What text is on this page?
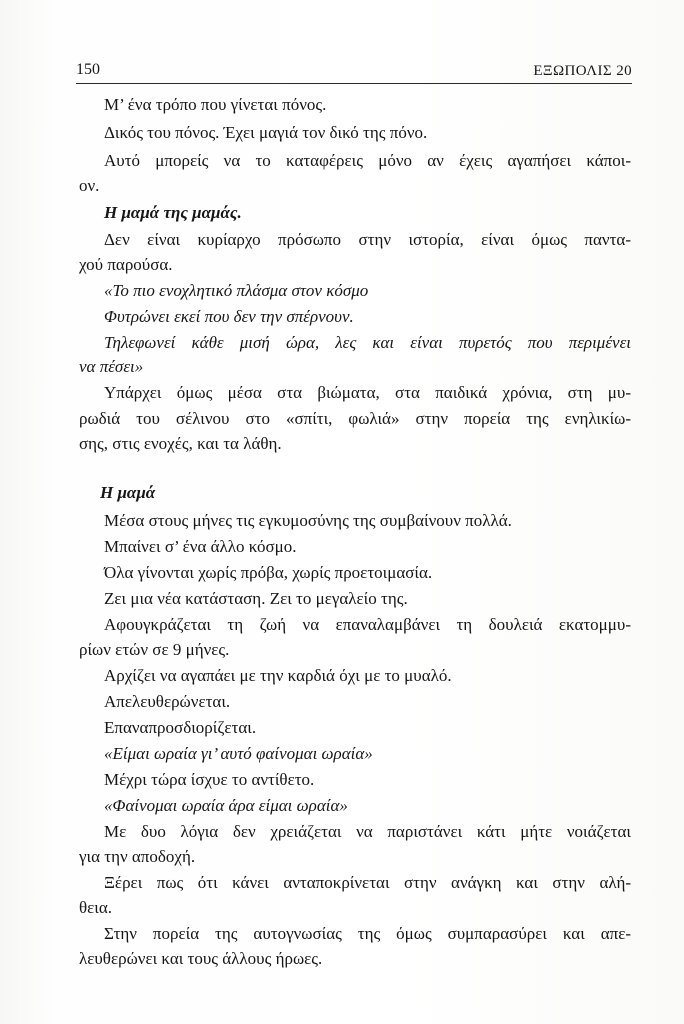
150	ΕΞΩΠΟΛΙΣ 20
Μ’ ένα τρόπο που γίνεται πόνος.
Δικός του πόνος. Έχει μαγιά τον δικό της πόνο.
Αυτό μπορείς να το καταφέρεις μόνο αν έχεις αγαπήσει κάποι-
ον.
Η μαμά της μαμάς.
Δεν είναι κυρίαρχο πρόσωπο στην ιστορία, είναι όμως παντα-
χού παρούσα.
«Το πιο ενοχλητικό πλάσμα στον κόσμο
Φυτρώνει εκεί που δεν την σπέρνουν.
Τηλεφωνεί κάθε μισή ώρα, λες και είναι πυρετός που περιμένει
να πέσει»
Υπάρχει όμως μέσα στα βιώματα, στα παιδικά χρόνια, στη μυ-
ρωδιά του σέλινου στο «σπίτι, φωλιά» στην πορεία της ενηλικίω-
σης, στις ενοχές, και τα λάθη.
Η μαμά
Μέσα στους μήνες τις εγκυμοσύνης της συμβαίνουν πολλά.
Μπαίνει σ’ ένα άλλο κόσμο.
Όλα γίνονται χωρίς πρόβα, χωρίς προετοιμασία.
Ζει μια νέα κατάσταση. Ζει το μεγαλείο της.
Αφουγκράζεται τη ζωή να επαναλαμβάνει τη δουλειά εκατομμυ-
ρίων ετών σε 9 μήνες.
Αρχίζει να αγαπάει με την καρδιά όχι με το μυαλό.
Απελευθερώνεται.
Επαναπροσδιορίζεται.
«Είμαι ωραία γι’ αυτό φαίνομαι ωραία»
Μέχρι τώρα ίσχυε το αντίθετο.
«Φαίνομαι ωραία άρα είμαι ωραία»
Με δυο λόγια δεν χρειάζεται να παριστάνει κάτι μήτε νοιάζεται
για την αποδοχή.
Ξέρει πως ότι κάνει ανταποκρίνεται στην ανάγκη και στην αλή-
θεια.
Στην πορεία της αυτογνωσίας της όμως συμπαρασύρει και απε-
λευθερώνει και τους άλλους ήρωες.
